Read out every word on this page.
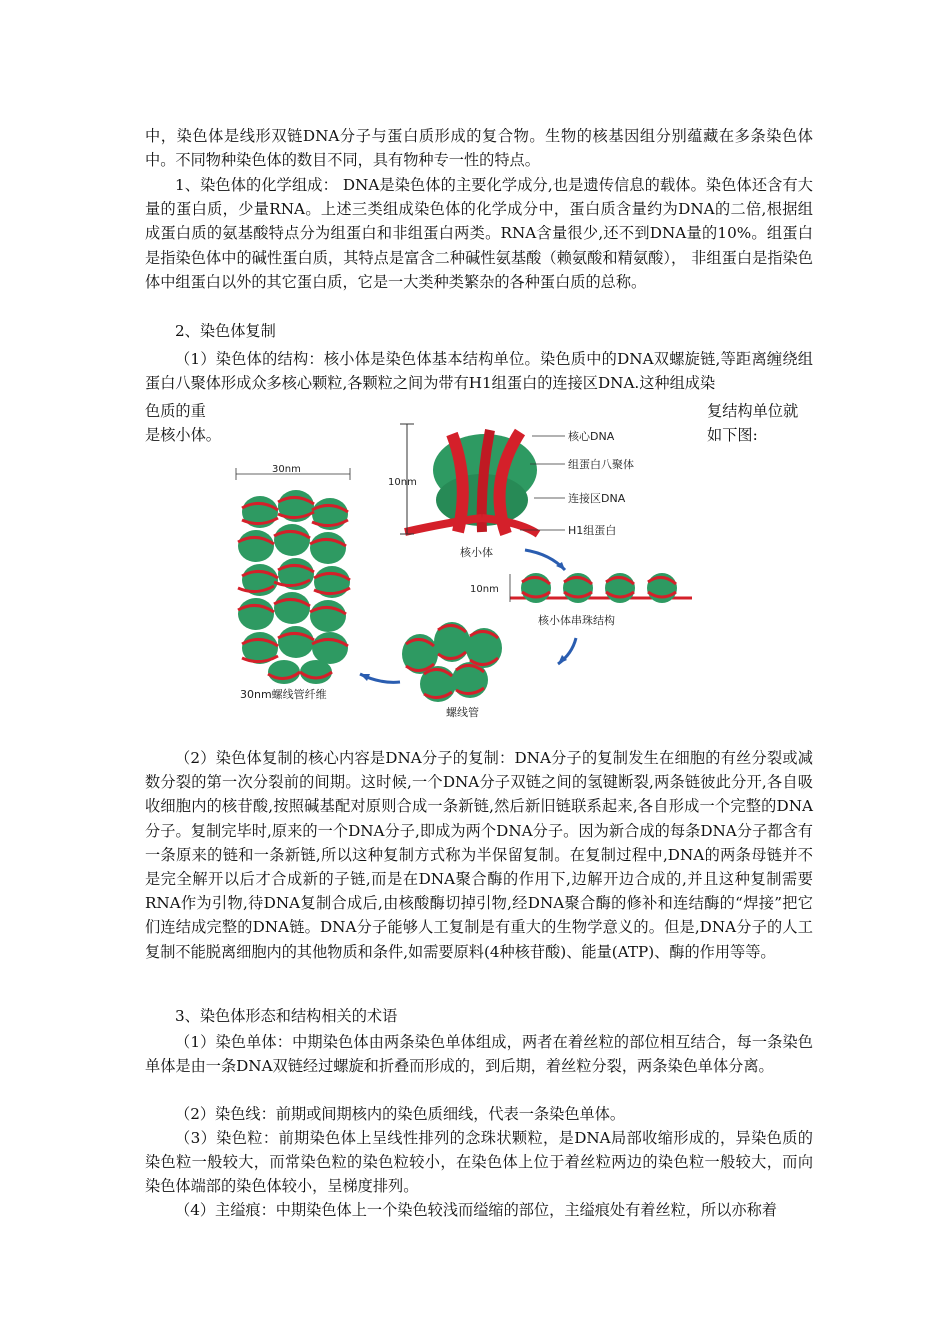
中，染色体是线形双链DNA分子与蛋白质形成的复合物。生物的核基因组分别蕴藏在多条染色体中。不同物种染色体的数目不同，具有物种专一性的特点。

1、染色体的化学组成： DNA是染色体的主要化学成分,也是遗传信息的载体。染色体还含有大量的蛋白质，少量RNA。上述三类组成染色体的化学成分中，蛋白质含量约为DNA的二倍,根据组成蛋白质的氨基酸特点分为组蛋白和非组蛋白两类。RNA含量很少,还不到DNA量的10%。组蛋白是指染色体中的碱性蛋白质，其特点是富含二种碱性氨基酸（赖氨酸和精氨酸）， 非组蛋白是指染色体中组蛋白以外的其它蛋白质，它是一大类种类繁杂的各种蛋白质的总称。

2、染色体复制

（1）染色体的结构：核小体是染色体基本结构单位。染色质中的DNA双螺旋链,等距离缠绕组蛋白八聚体形成众多核心颗粒,各颗粒之间为带有H1组蛋白的连接区DNA.这种组成染

色质的重	复结构单位就
是核小体。	如下图:
10nm
核心DNA
组蛋白八聚体
连接区DNA
H1组蛋白
核小体
10nm
核小体串珠结构
螺线管
30nm
30nm螺线管纤维

（2）染色体复制的核心内容是DNA分子的复制：DNA分子的复制发生在细胞的有丝分裂或减数分裂的第一次分裂前的间期。这时候,一个DNA分子双链之间的氢键断裂,两条链彼此分开,各自吸收细胞内的核苷酸,按照碱基配对原则合成一条新链,然后新旧链联系起来,各自形成一个完整的DNA分子。复制完毕时,原来的一个DNA分子,即成为两个DNA分子。因为新合成的每条DNA分子都含有一条原来的链和一条新链,所以这种复制方式称为半保留复制。在复制过程中,DNA的两条母链并不是完全解开以后才合成新的子链,而是在DNA聚合酶的作用下,边解开边合成的,并且这种复制需要RNA作为引物,待DNA复制合成后,由核酸酶切掉引物,经DNA聚合酶的修补和连结酶的“焊接”把它们连结成完整的DNA链。DNA分子能够人工复制是有重大的生物学意义的。但是,DNA分子的人工复制不能脱离细胞内的其他物质和条件,如需要原料(4种核苷酸)、能量(ATP)、酶的作用等等。

3、染色体形态和结构相关的术语

（1）染色单体：中期染色体由两条染色单体组成，两者在着丝粒的部位相互结合，每一条染色单体是由一条DNA双链经过螺旋和折叠而形成的，到后期，着丝粒分裂，两条染色单体分离。

（2）染色线：前期或间期核内的染色质细线，代表一条染色单体。

（3）染色粒：前期染色体上呈线性排列的念珠状颗粒，是DNA局部收缩形成的，异染色质的染色粒一般较大，而常染色粒的染色粒较小，在染色体上位于着丝粒两边的染色粒一般较大，而向染色体端部的染色体较小，呈梯度排列。

（4）主缢痕：中期染色体上一个染色较浅而缢缩的部位，主缢痕处有着丝粒，所以亦称着
